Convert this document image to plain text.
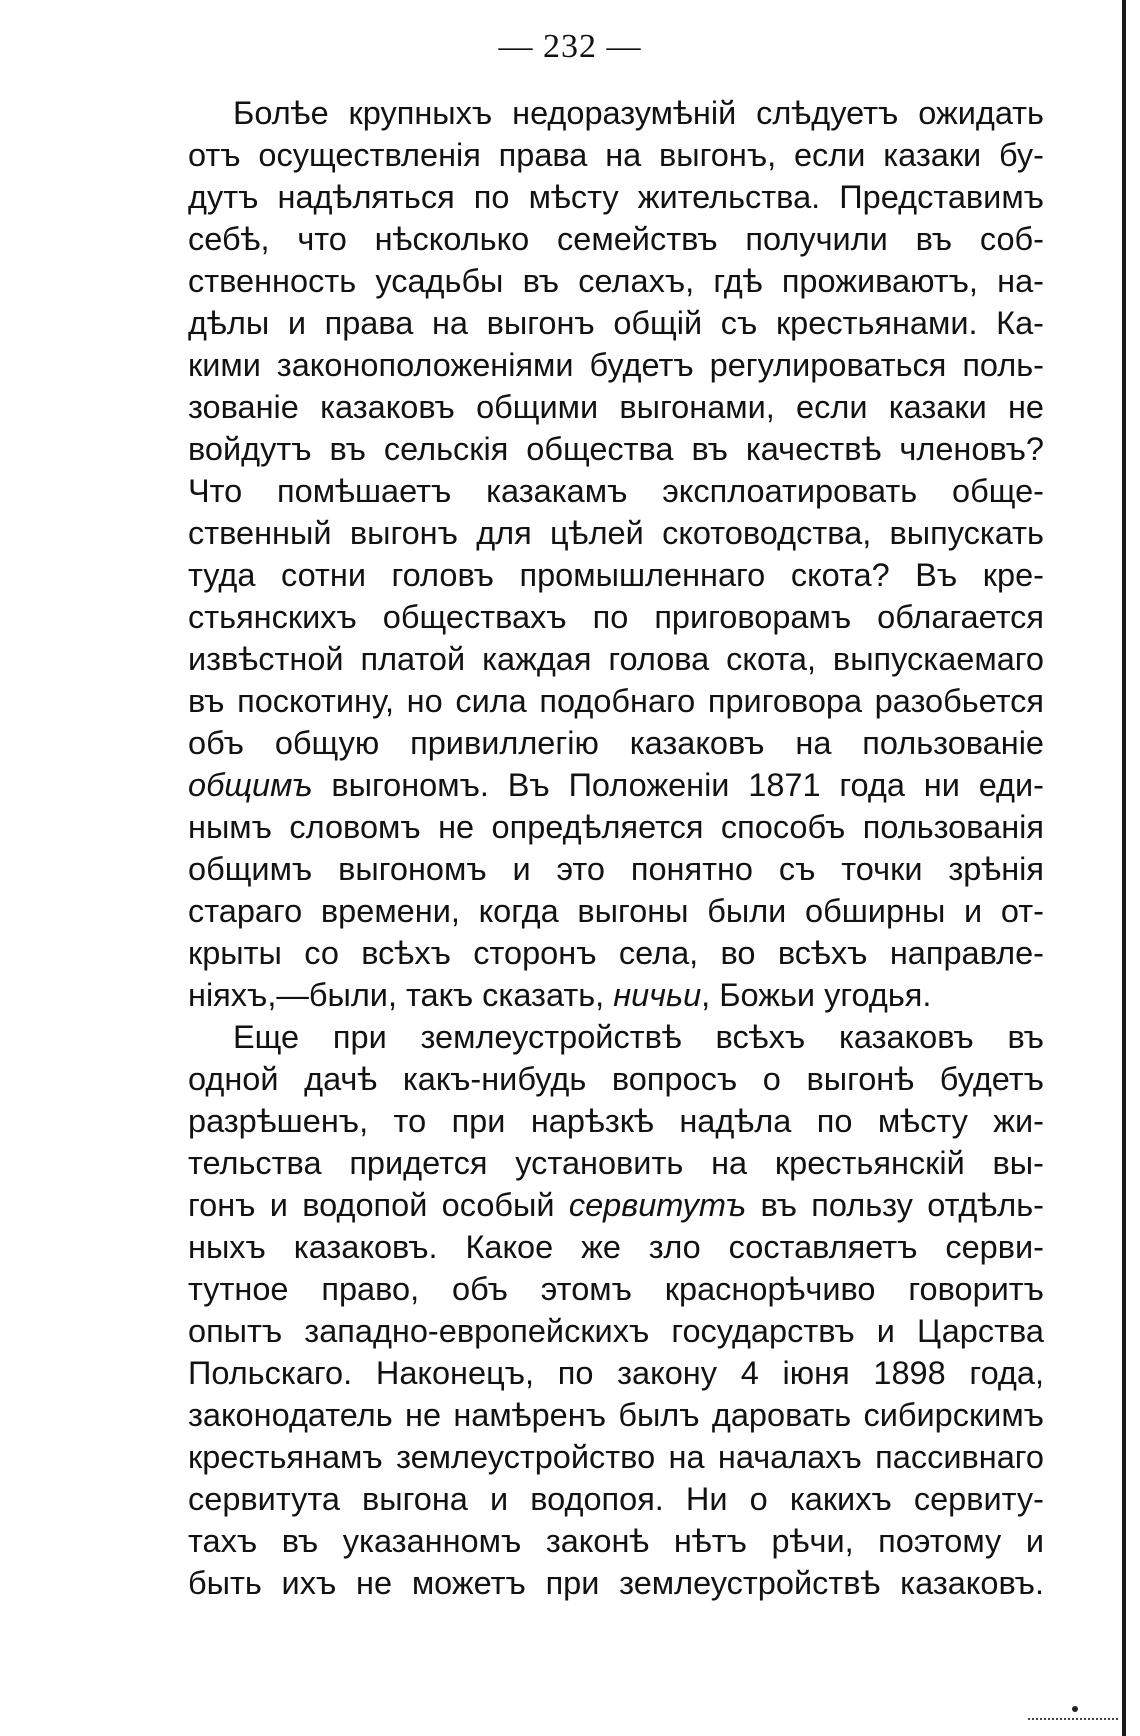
— 232 —
Болѣе крупныхъ недоразумѣній слѣдуетъ ожидать
отъ осуществленія права на выгонъ, если казаки бу-
дутъ надѣляться по мѣсту жительства. Представимъ
себѣ, что нѣсколько семействъ получили въ соб-
ственность усадьбы въ селахъ, гдѣ проживаютъ, на-
дѣлы и права на выгонъ общій съ крестьянами. Ка-
кими законоположеніями будетъ регулироваться поль-
зованіе казаковъ общими выгонами, если казаки не
войдутъ въ сельскія общества въ качествѣ членовъ?
Что помѣшаетъ казакамъ эксплоатировать обще-
ственный выгонъ для цѣлей скотоводства, выпускать
туда сотни головъ промышленнаго скота? Въ кре-
стьянскихъ обществахъ по приговорамъ облагается
извѣстной платой каждая голова скота, выпускаемаго
въ поскотину, но сила подобнаго приговора разобьется
объ общую привиллегію казаковъ на пользованіе
общимъ выгономъ. Въ Положеніи 1871 года ни еди-
нымъ словомъ не опредѣляется способъ пользованія
общимъ выгономъ и это понятно съ точки зрѣнія
стараго времени, когда выгоны были обширны и от-
крыты со всѣхъ сторонъ села, во всѣхъ направле-
ніяхъ,—были, такъ сказать, ничьи, Божьи угодья.
Еще при землеустройствѣ всѣхъ казаковъ въ
одной дачѣ какъ-нибудь вопросъ о выгонѣ будетъ
разрѣшенъ, то при нарѣзкѣ надѣла по мѣсту жи-
тельства придется установить на крестьянскій вы-
гонъ и водопой особый сервитутъ въ пользу отдѣль-
ныхъ казаковъ. Какое же зло составляетъ серви-
тутное право, объ этомъ краснорѣчиво говоритъ
опытъ западно-европейскихъ государствъ и Царства
Польскаго. Наконецъ, по закону 4 іюня 1898 года,
законодатель не намѣренъ былъ даровать сибирскимъ
крестьянамъ землеустройство на началахъ пассивнаго
сервитута выгона и водопоя. Ни о какихъ сервиту-
тахъ въ указанномъ законѣ нѣтъ рѣчи, поэтому и
быть ихъ не можетъ при землеустройствѣ казаковъ.
